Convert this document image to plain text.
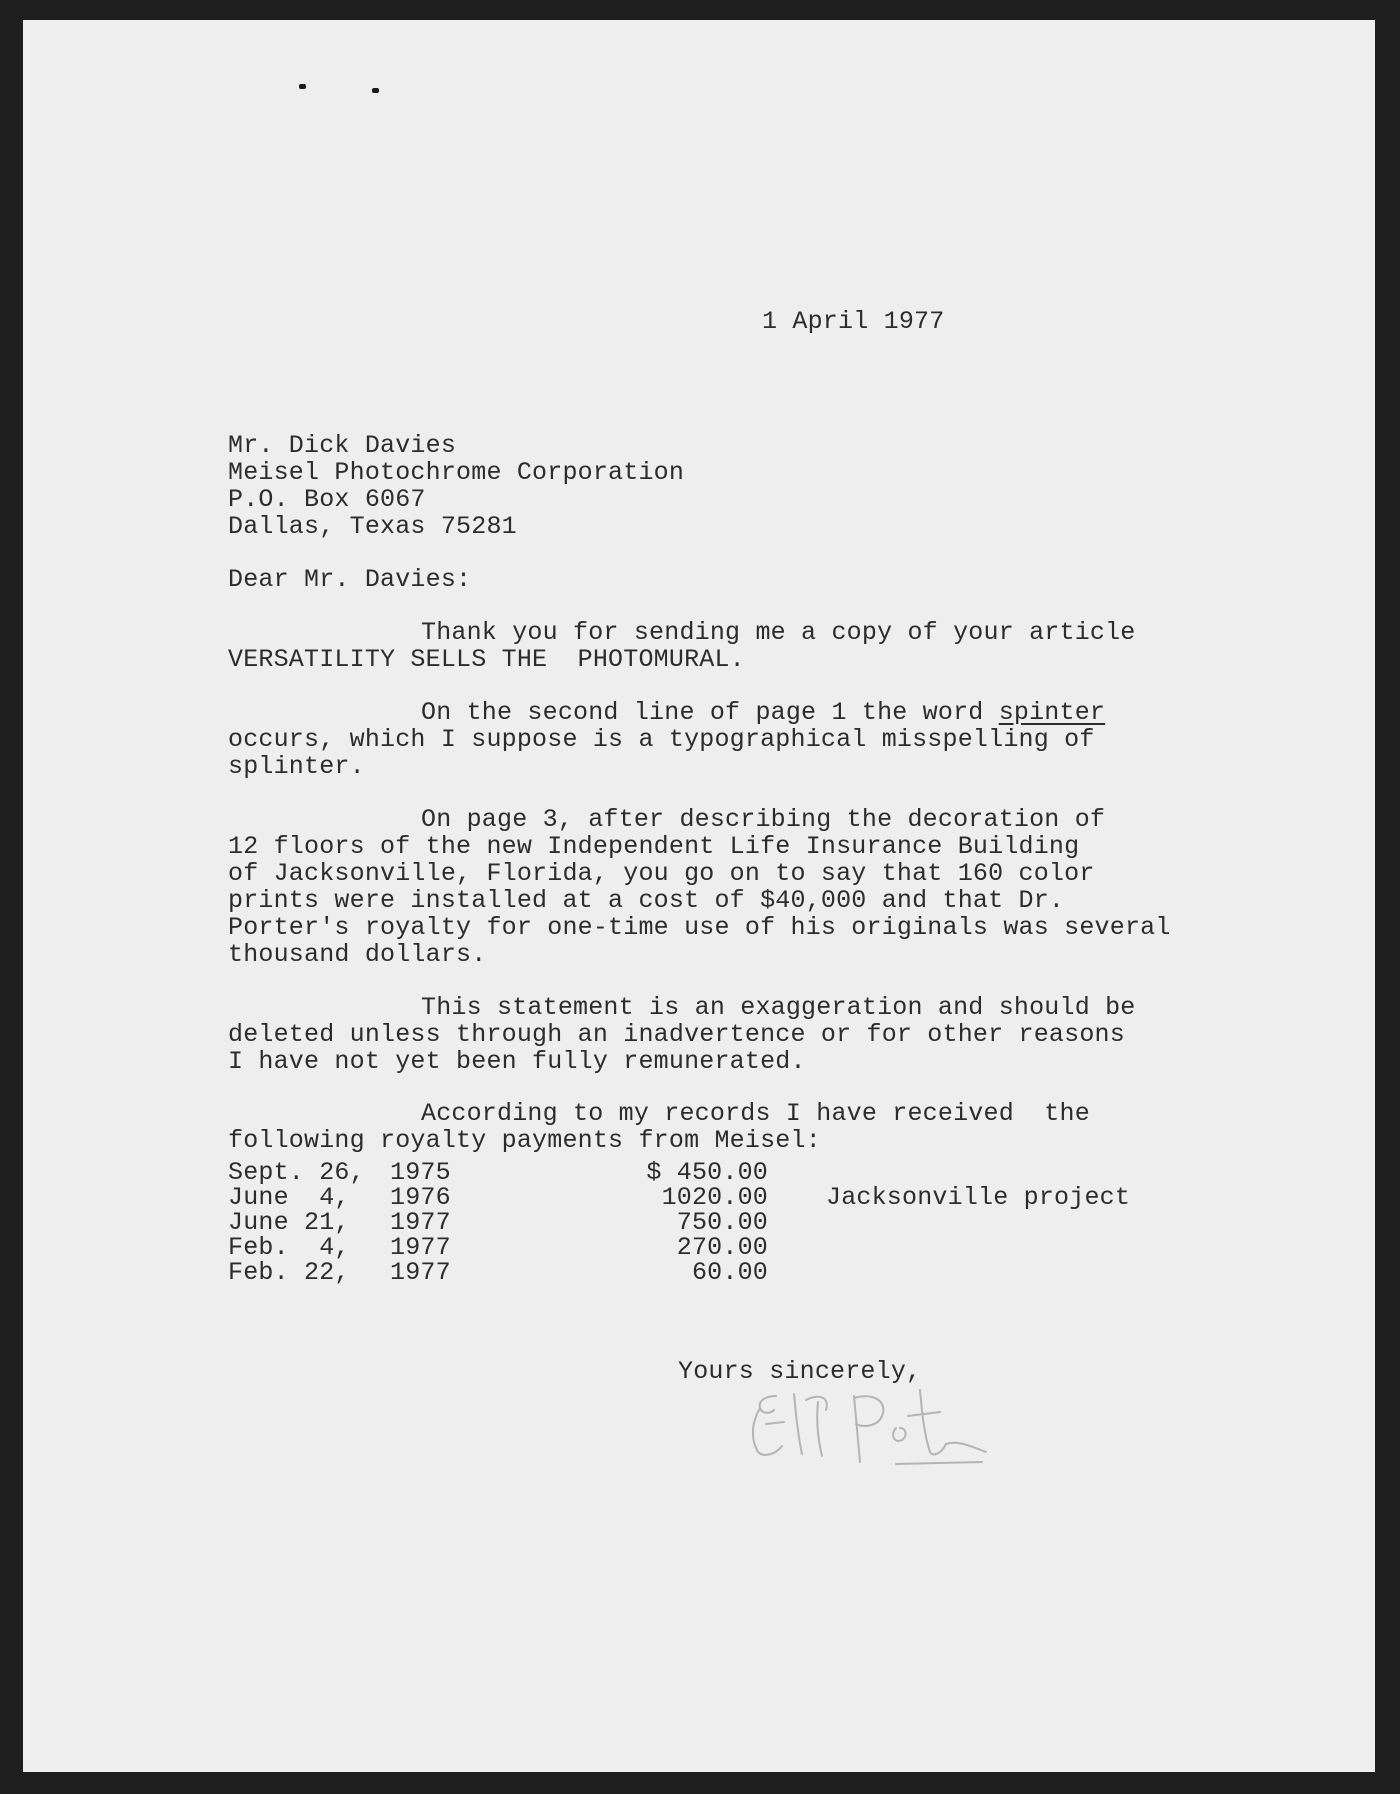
1 April 1977
Mr. Dick Davies
Meisel Photochrome Corporation
P.O. Box 6067
Dallas, Texas 75281
Dear Mr. Davies:
Thank you for sending me a copy of your article
VERSATILITY SELLS THE  PHOTOMURAL.
On the second line of page 1 the word spinter
occurs, which I suppose is a typographical misspelling of
splinter.
On page 3, after describing the decoration of
12 floors of the new Independent Life Insurance Building
of Jacksonville, Florida, you go on to say that 160 color
prints were installed at a cost of $40,000 and that Dr.
Porter's royalty for one-time use of his originals was several
thousand dollars.
This statement is an exaggeration and should be
deleted unless through an inadvertence or for other reasons
I have not yet been fully remunerated.
According to my records I have received  the
following royalty payments from Meisel:
Sept. 26, 1975	$ 450.00
June  4, 1976	1020.00 Jacksonville project
June 21, 1977	750.00
Feb.  4, 1977	270.00
Feb. 22, 1977	60.00
Yours sincerely,
